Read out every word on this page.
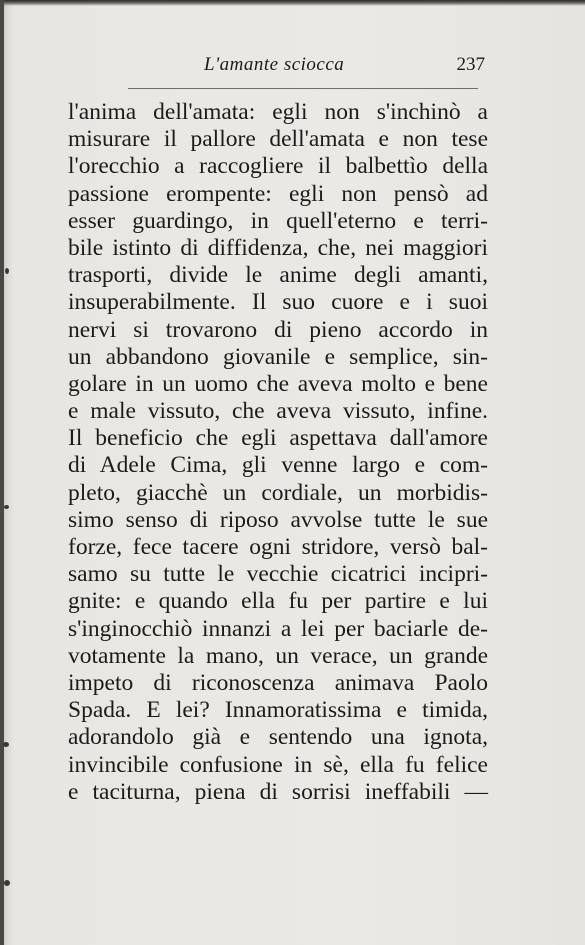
L'amante sciocca	237
l'anima dell'amata: egli non s'inchinò a
misurare il pallore dell'amata e non tese
l'orecchio a raccogliere il balbettìo della
passione erompente: egli non pensò ad
esser guardingo, in quell'eterno e terri-
bile istinto di diffidenza, che, nei maggiori
trasporti, divide le anime degli amanti,
insuperabilmente. Il suo cuore e i suoi
nervi si trovarono di pieno accordo in
un abbandono giovanile e semplice, sin-
golare in un uomo che aveva molto e bene
e male vissuto, che aveva vissuto, infine.
Il beneficio che egli aspettava dall'amore
di Adele Cima, gli venne largo e com-
pleto, giacchè un cordiale, un morbidis-
simo senso di riposo avvolse tutte le sue
forze, fece tacere ogni stridore, versò bal-
samo su tutte le vecchie cicatrici incipri-
gnite: e quando ella fu per partire e lui
s'inginocchiò innanzi a lei per baciarle de-
votamente la mano, un verace, un grande
impeto di riconoscenza animava Paolo
Spada. E lei? Innamoratissima e timida,
adorandolo già e sentendo una ignota,
invincibile confusione in sè, ella fu felice
e taciturna, piena di sorrisi ineffabili —
